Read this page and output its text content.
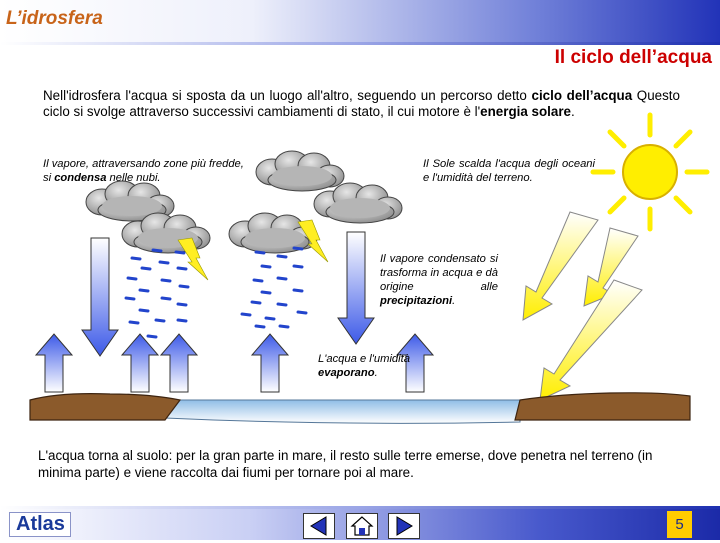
L’idrosfera
Il ciclo dell’acqua
Nell'idrosfera l'acqua si sposta da un luogo all'altro, seguendo un percorso detto ciclo dell’acqua Questo ciclo si svolge attraverso successivi cambiamenti di stato, il cui motore è l'energia solare.
Il vapore, attraversando zone più fredde, si condensa nelle nubi.
Il Sole scalda l'acqua degli oceani e l'umidità del terreno.
Il vapore condensato si trasforma in acqua e dà origine alle precipitazioni.
L'acqua e l'umidità evaporano.
L'acqua torna al suolo: per la gran parte in mare, il resto sulle terre emerse, dove penetra nel terreno (in minima parte) e viene raccolta dai fiumi per tornare poi al mare.
Atlas	5
